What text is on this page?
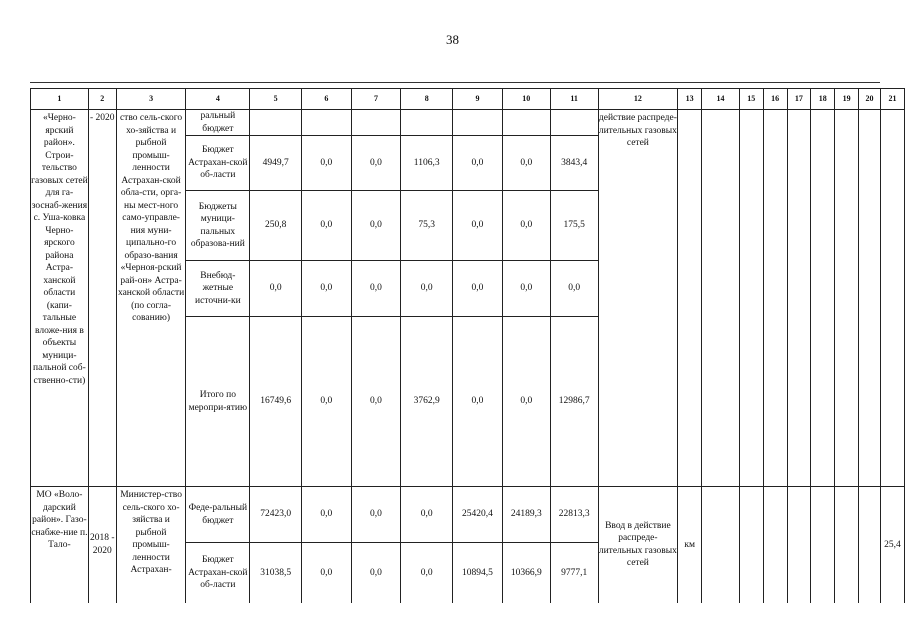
38
1	2	3	4	5	6	7	8	9	10	11	12	13	14	15	16	17	18	19	20	21
«Черно-ярский район». Строи-тельство газовых сетей для га-зоснаб-жения с. Ушa-ковка Черно-ярского района Астра-ханской области (капи-тальные вложе-ния в объекты муници-пальной соб-ственно-сти)	- 2020	ство сель-ского хо-зяйства и рыбной промыш-ленности Астрахан-ской обла-сти, орга-ны мест-ного само-управле-ния муни-ципально-го образо-вания «Черноя-рский рай-он» Астра-ханской области (по согла-сованию)	ральный бюджет								действие распреде-лительных газовых сетей									
			Бюджет Астрахан-ской об-ласти	4949,7	0,0	0,0	1106,3	0,0	0,0	3843,4										
			Бюджеты муници-пальных образова-ний	250,8	0,0	0,0	75,3	0,0	0,0	175,5										
			Внебюд-жетные источни-ки	0,0	0,0	0,0	0,0	0,0	0,0	0,0										
			Итого по меропри-ятию	16749,6	0,0	0,0	3762,9	0,0	0,0	12986,7										
МО «Воло-дарский район». Газо-снабже-ние п. Тало-	2018 - 2020	Министер-ство сель-ского хо-зяйства и рыбной промыш-ленности Астрахан-	Феде-ральный бюджет	72423,0	0,0	0,0	0,0	25420,4	24189,3	22813,3	Ввод в действие распреде-лительных газовых сетей	км								25,4
			Бюджет Астрахан-ской об-ласти	31038,5	0,0	0,0	0,0	10894,5	10366,9	9777,1										
